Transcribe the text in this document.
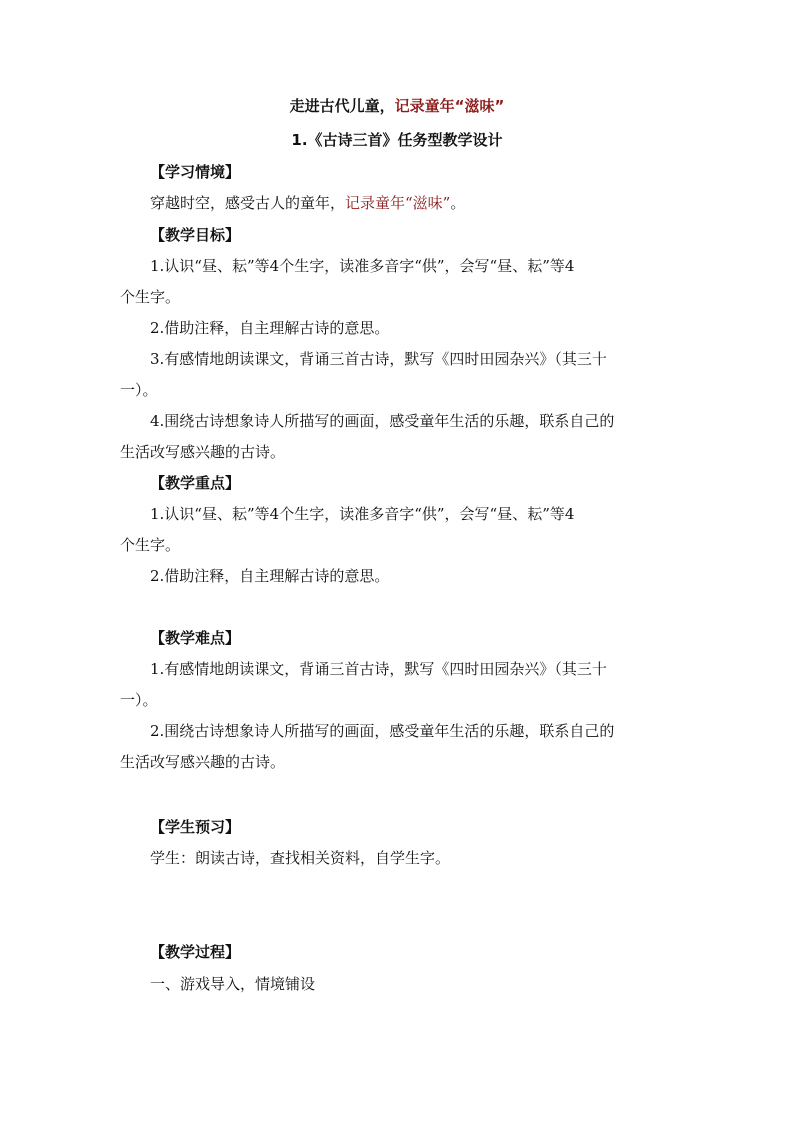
走进古代儿童，记录童年“滋味”
1.《古诗三首》任务型教学设计
【学习情境】
穿越时空，感受古人的童年，记录童年“滋味”。
【教学目标】
1.认识“昼、耘”等4个生字，读准多音字“供”，会写“昼、耘”等4
个生字。
2.借助注释，自主理解古诗的意思。
3.有感情地朗读课文，背诵三首古诗，默写《四时田园杂兴》（其三十
一）。
4.围绕古诗想象诗人所描写的画面，感受童年生活的乐趣，联系自己的
生活改写感兴趣的古诗。
【教学重点】
1.认识“昼、耘”等4个生字，读准多音字“供”，会写“昼、耘”等4
个生字。
2.借助注释，自主理解古诗的意思。
【教学难点】
1.有感情地朗读课文，背诵三首古诗，默写《四时田园杂兴》（其三十
一）。
2.围绕古诗想象诗人所描写的画面，感受童年生活的乐趣，联系自己的
生活改写感兴趣的古诗。
【学生预习】
学生：朗读古诗，查找相关资料，自学生字。
【教学过程】
一、游戏导入，情境铺设
